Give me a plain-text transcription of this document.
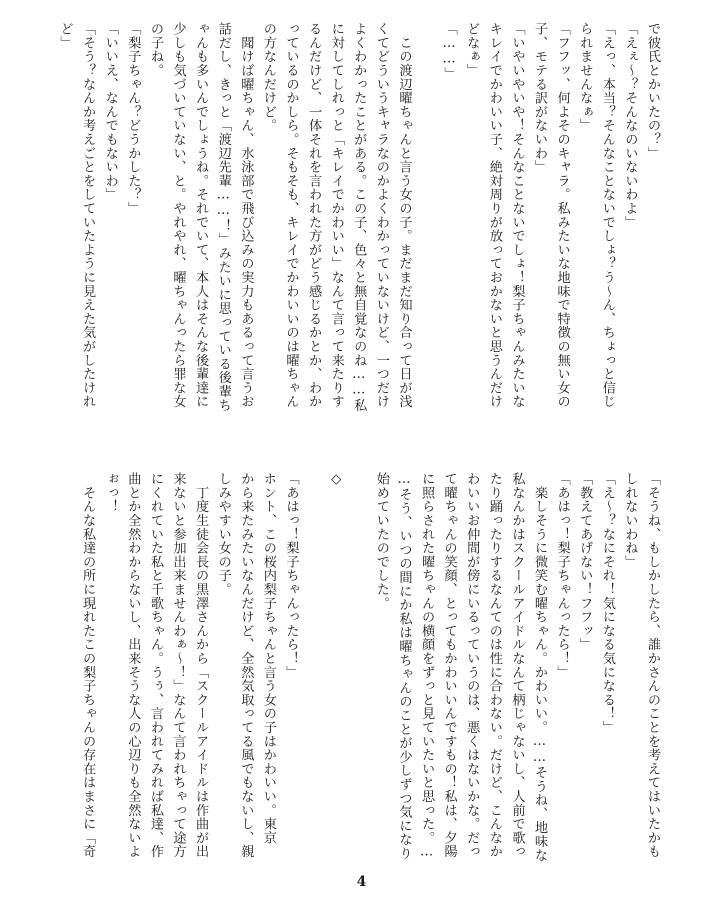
で彼氏とかいたの？」
「えぇ～？そんなのいないわよ」
「えっ、本当？そんなことないでしょ？う～ん、ちょっと信じ
られませんなぁ」
「フフッ、何よそのキャラ。私みたいな地味で特徴の無い女の
子、モテる訳がないわ」
「いやいやいや！そんなことないでしょ！梨子ちゃんみたいな
キレイでかわいい子、絶対周りが放っておかないと思うんだけ
どなぁ」
「……」

　この渡辺曜ちゃんと言う女の子。まだまだ知り合って日が浅
くてどういうキャラなのかよくわかっていないけど、一つだけ
よくわかったことがある。この子、色々と無自覚なのね……私
に対してしれっと「キレイでかわいい」なんて言って来たりす
るんだけど、一体それを言われた方がどう感じるかとか、わか
っているのかしら。そもそも、キレイでかわいいのは曜ちゃん
の方なんだけど。
　聞けば曜ちゃん、水泳部で飛び込みの実力もあるって言うお
話だし、きっと「渡辺先輩……！」みたいに思っている後輩ち
ゃんも多いんでしょうね。それでいて、本人はそんな後輩達に
少しも気づいていない、と。やれやれ、曜ちゃんったら罪な女
の子ね。
「梨子ちゃん？どうかした？」
「いいえ、なんでもないわ」
「そう？なんか考えごとをしていたように見えた気がしたけれ
ど」
「そうね、もしかしたら、誰かさんのことを考えてはいたかも
しれないわね」
「え～？なにそれ！気になる気になる！」
「教えてあげない！フフッ」
「あはっ！梨子ちゃんったら！」
　楽しそうに微笑む曜ちゃん。かわいい。……そうね、地味な
私なんかはスクールアイドルなんて柄じゃないし、人前で歌っ
たり踊ったりするなんてのは性に合わない。だけど、こんなか
わいいお仲間が傍にいるっていうのは、悪くはないかな。だっ
て曜ちゃんの笑顔、とってもかわいいんですもの！私は、夕陽
に照らされた曜ちゃんの横顔をずっと見ていたいと思った。…
…そう、いつの間にか私は曜ちゃんのことが少しずつ気になり
始めていたのでした。

◇

「あはっ！梨子ちゃんったら！」
ホント、この桜内梨子ちゃんと言う女の子はかわいい。東京
から来たみたいなんだけど、全然気取ってる風でもないし、親
しみやすい女の子。
　丁度生徒会長の黒澤さんから「スクールアイドルは作曲が出
来ないと参加出来ませんわぁ～！」なんて言われちゃって途方
にくれていた私と千歌ちゃん。うぅ、言われてみれば私達、作
曲とか全然わからないし、出来そうな人の心辺りも全然ないよ
ぉっ！
　そんな私達の所に現れたこの梨子ちゃんの存在はまさに「奇
4
